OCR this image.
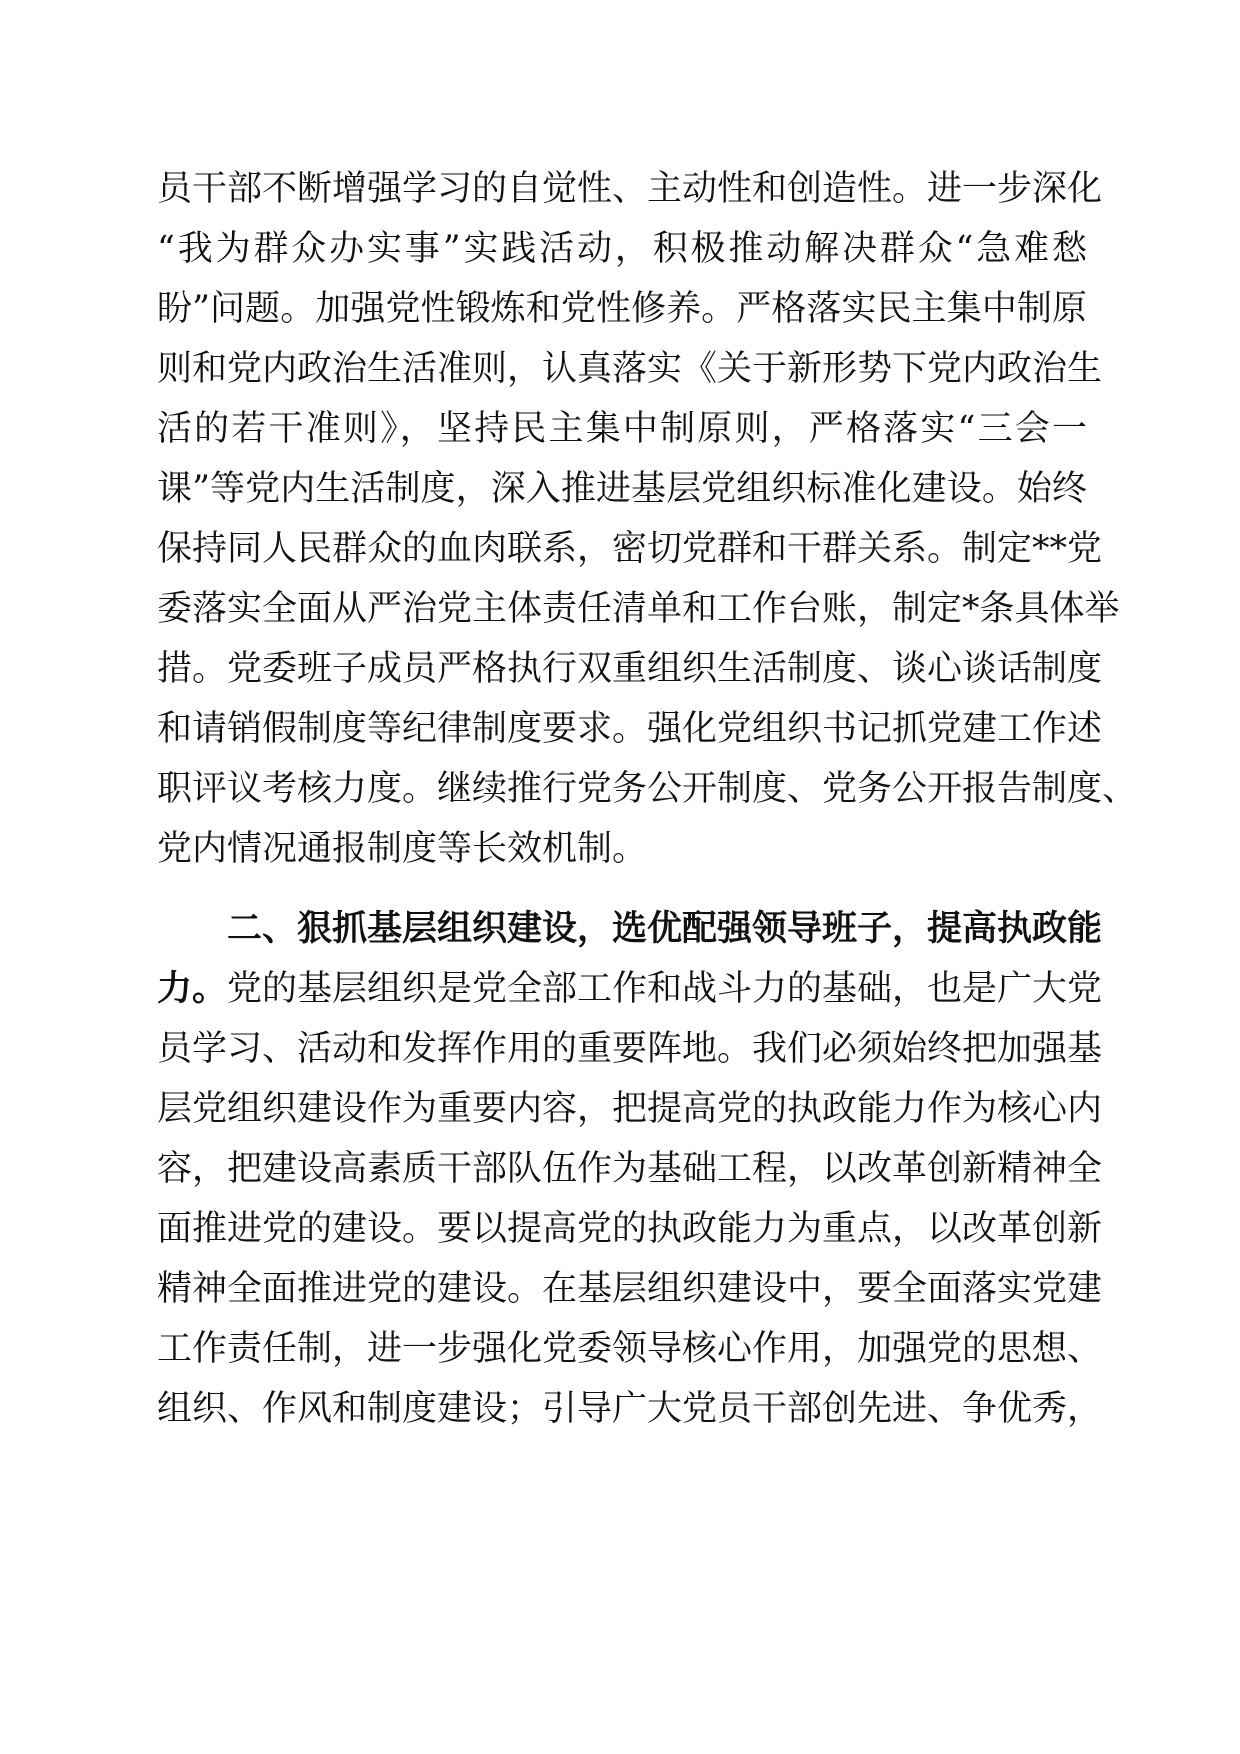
员干部不断增强学习的自觉性、主动性和创造性。进一步深化
“我为群众办实事”实践活动，积极推动解决群众“急难愁
盼”问题。加强党性锻炼和党性修养。严格落实民主集中制原
则和党内政治生活准则，认真落实《关于新形势下党内政治生
活的若干准则》，坚持民主集中制原则，严格落实“三会一
课”等党内生活制度，深入推进基层党组织标准化建设。始终
保持同人民群众的血肉联系，密切党群和干群关系。制定**党
委落实全面从严治党主体责任清单和工作台账，制定*条具体举
措。党委班子成员严格执行双重组织生活制度、谈心谈话制度
和请销假制度等纪律制度要求。强化党组织书记抓党建工作述
职评议考核力度。继续推行党务公开制度、党务公开报告制度、
党内情况通报制度等长效机制。
二、狠抓基层组织建设，选优配强领导班子，提高执政能
力。党的基层组织是党全部工作和战斗力的基础，也是广大党
员学习、活动和发挥作用的重要阵地。我们必须始终把加强基
层党组织建设作为重要内容，把提高党的执政能力作为核心内
容，把建设高素质干部队伍作为基础工程，以改革创新精神全
面推进党的建设。要以提高党的执政能力为重点，以改革创新
精神全面推进党的建设。在基层组织建设中，要全面落实党建
工作责任制，进一步强化党委领导核心作用，加强党的思想、
组织、作风和制度建设；引导广大党员干部创先进、争优秀，
